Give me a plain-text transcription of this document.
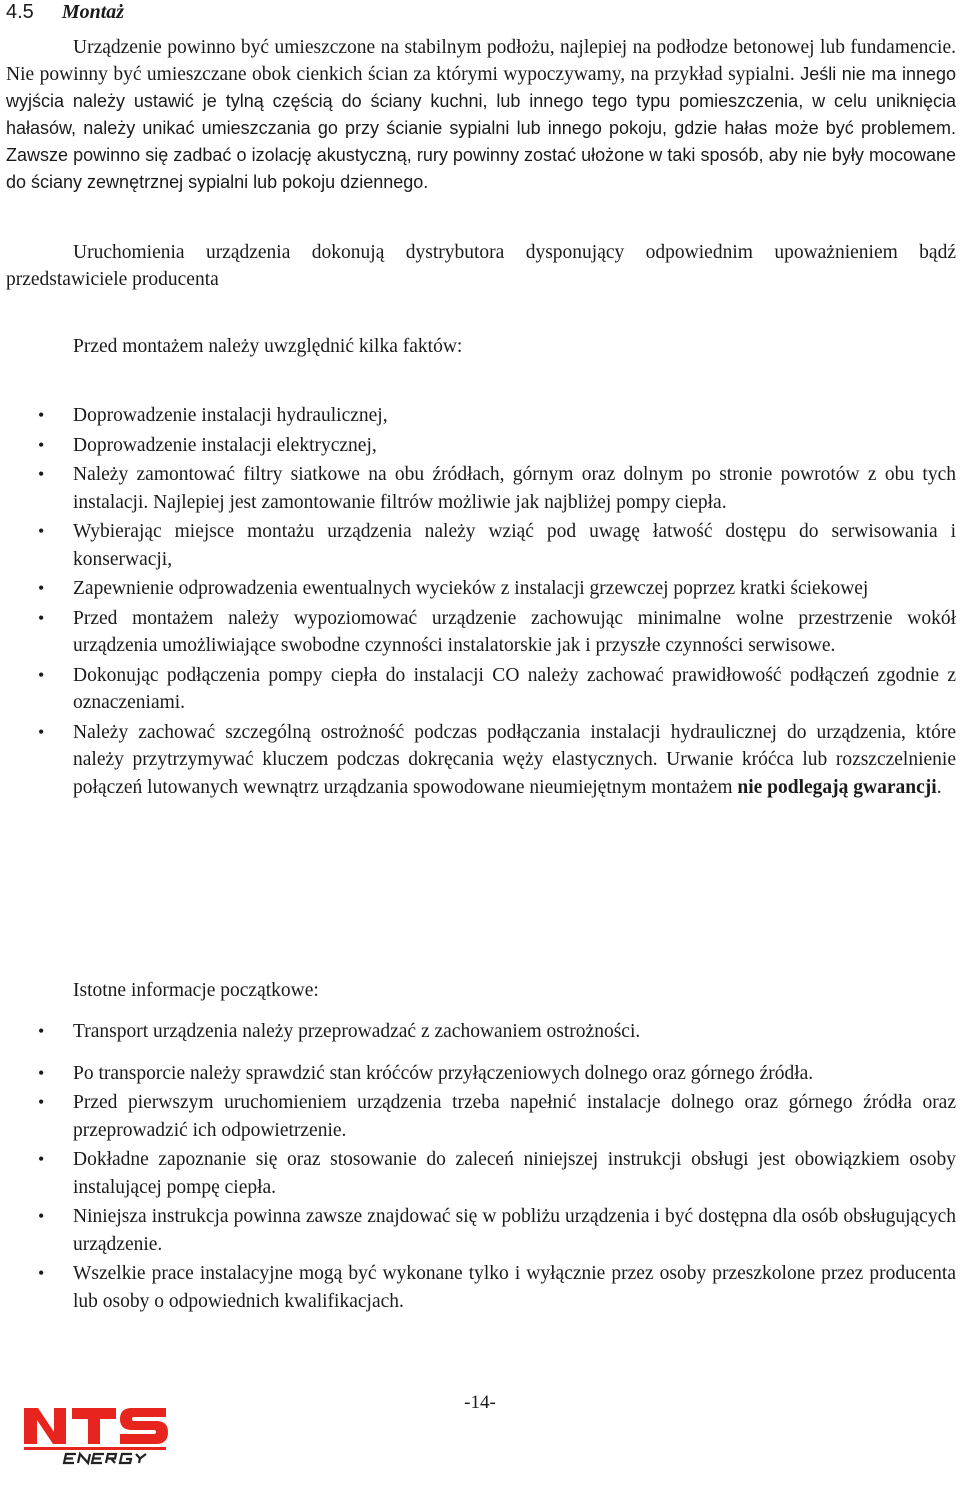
4.5 Montaż

Urządzenie powinno być umieszczone na stabilnym podłożu, najlepiej na podłodze betonowej lub fundamencie. Nie powinny być umieszczane obok cienkich ścian za którymi wypoczywamy, na przykład sypialni. Jeśli nie ma innego wyjścia należy ustawić je tylną częścią do ściany kuchni, lub innego tego typu pomieszczenia, w celu uniknięcia hałasów, należy unikać umieszczania go przy ścianie sypialni lub innego pokoju, gdzie hałas może być problemem. Zawsze powinno się zadbać o izolację akustyczną, rury powinny zostać ułożone w taki sposób, aby nie były mocowane do ściany zewnętrznej sypialni lub pokoju dziennego.

Uruchomienia urządzenia dokonują dystrybutora dysponujący odpowiednim upoważnieniem bądź przedstawiciele producenta

Przed montażem należy uwzględnić kilka faktów:

• Doprowadzenie instalacji hydraulicznej,
• Doprowadzenie instalacji elektrycznej,
• Należy zamontować filtry siatkowe na obu źródłach, górnym oraz dolnym po stronie powrotów z obu tych instalacji. Najlepiej jest zamontowanie filtrów możliwie jak najbliżej pompy ciepła.
• Wybierając miejsce montażu urządzenia należy wziąć pod uwagę łatwość dostępu do serwisowania i konserwacji,
• Zapewnienie odprowadzenia ewentualnych wycieków z instalacji grzewczej poprzez kratki ściekowej
• Przed montażem należy wypoziomować urządzenie zachowując minimalne wolne przestrzenie wokół urządzenia umożliwiające swobodne czynności instalatorskie jak i przyszłe czynności serwisowe.
• Dokonując podłączenia pompy ciepła do instalacji CO należy zachować prawidłowość podłączeń zgodnie z oznaczeniami.
• Należy zachować szczególną ostrożność podczas podłączania instalacji hydraulicznej do urządzenia, które należy przytrzymywać kluczem podczas dokręcania węży elastycznych. Urwanie króćca lub rozszczelnienie połączeń lutowanych wewnątrz urządzania spowodowane nieumiejętnym montażem nie podlegają gwarancji.

Istotne informacje początkowe:

• Transport urządzenia należy przeprowadzać z zachowaniem ostrożności.
• Po transporcie należy sprawdzić stan króćców przyłączeniowych dolnego oraz górnego źródła.
• Przed pierwszym uruchomieniem urządzenia trzeba napełnić instalacje dolnego oraz górnego źródła oraz przeprowadzić ich odpowietrzenie.
• Dokładne zapoznanie się oraz stosowanie do zaleceń niniejszej instrukcji obsługi jest obowiązkiem osoby instalującej pompę ciepła.
• Niniejsza instrukcja powinna zawsze znajdować się w pobliżu urządzenia i być dostępna dla osób obsługujących urządzenie.
• Wszelkie prace instalacyjne mogą być wykonane tylko i wyłącznie przez osoby przeszkolone przez producenta lub osoby o odpowiednich kwalifikacjach.
-14-
